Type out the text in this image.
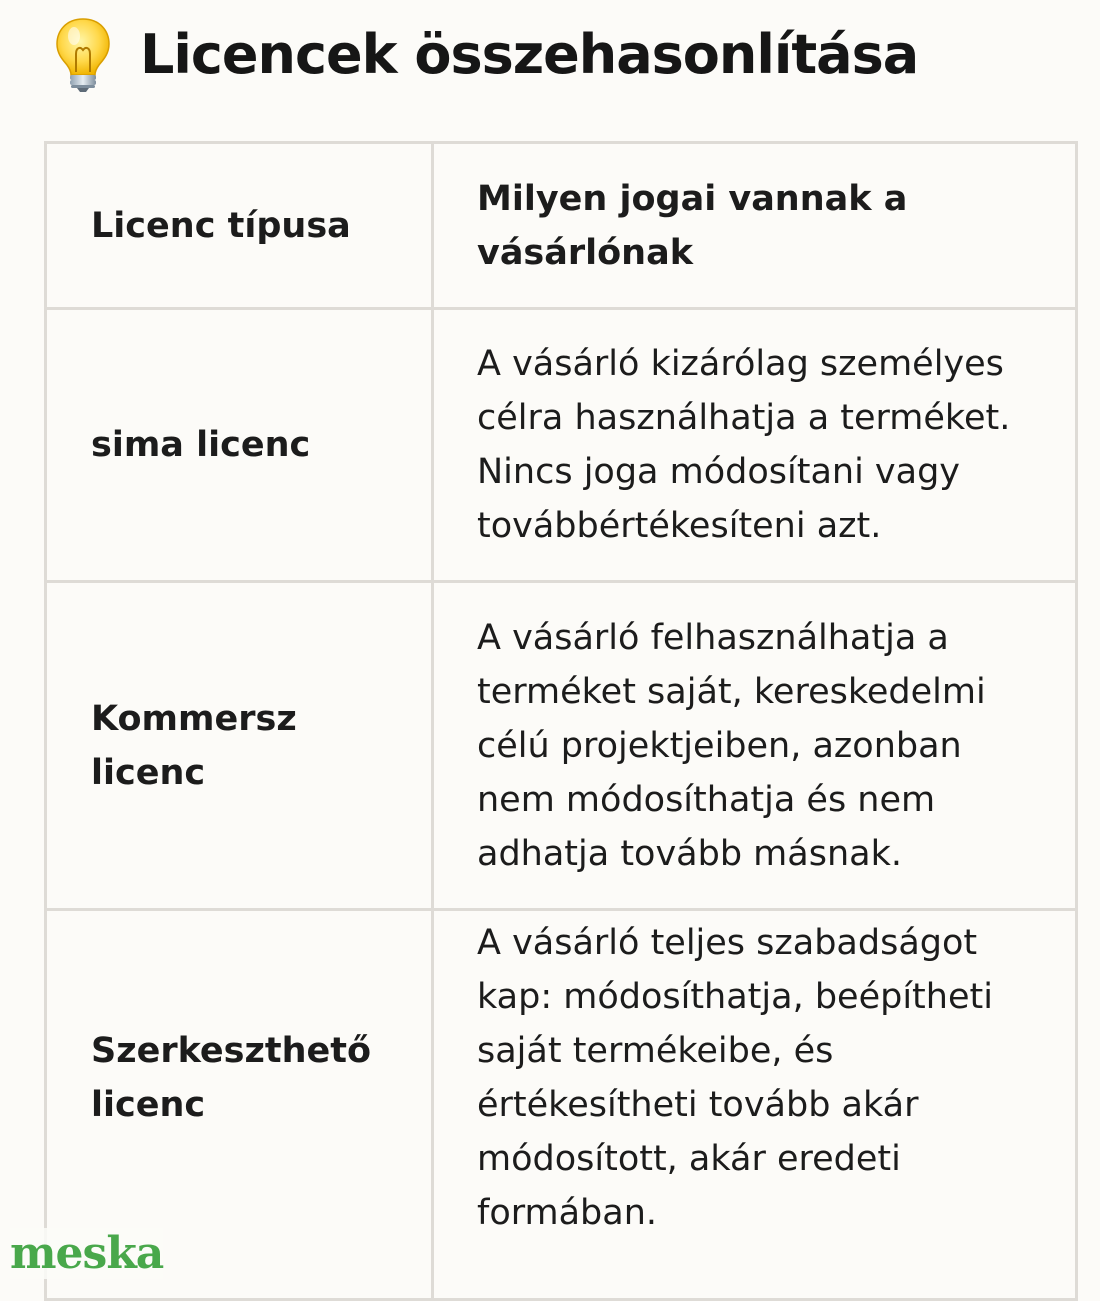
Licencek összehasonlítása
Licenc típusa
Milyen jogai vannak a vásárlónak
sima licenc
A vásárló kizárólag személyes célra használhatja a terméket. Nincs joga módosítani vagy továbbértékesíteni azt.
Kommersz licenc
A vásárló felhasználhatja a terméket saját, kereskedelmi célú projektjeiben, azonban nem módosíthatja és nem adhatja tovább másnak.
Szerkeszthető licenc
A vásárló teljes szabadságot kap: módosíthatja, beépítheti saját termékeibe, és értékesítheti tovább akár módosított, akár eredeti formában.
meska
